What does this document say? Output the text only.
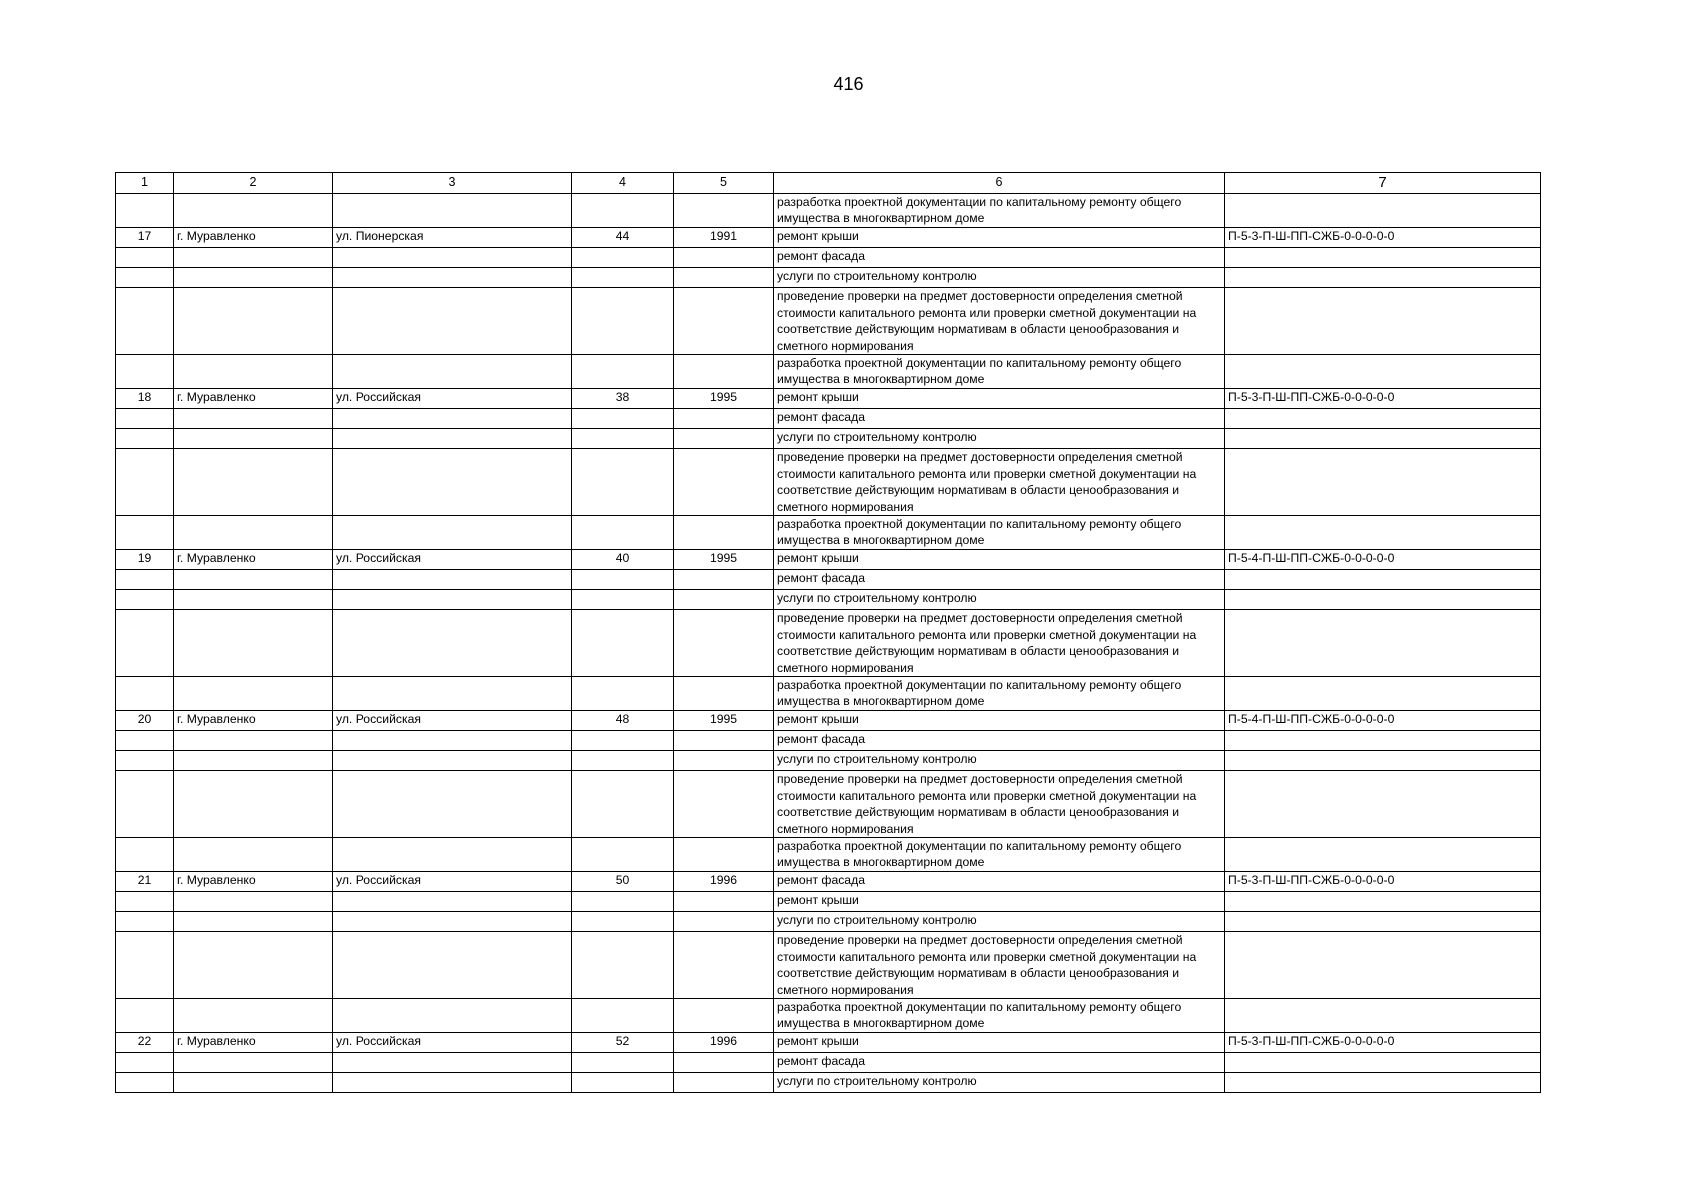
416
1	2	3	4	5	6	7
					разработка проектной документации по капитальному ремонту общего имущества в многоквартирном доме	
17	г. Муравленко	ул. Пионерская	44	1991	ремонт крыши	П-5-3-П-Ш-ПП-СЖБ-0-0-0-0-0
					ремонт фасада	
					услуги по строительному контролю	
					проведение проверки на предмет достоверности определения сметной стоимости капитального ремонта или проверки сметной документации на соответствие действующим нормативам в области ценообразования и сметного нормирования	
					разработка проектной документации по капитальному ремонту общего имущества в многоквартирном доме	
18	г. Муравленко	ул. Российская	38	1995	ремонт крыши	П-5-3-П-Ш-ПП-СЖБ-0-0-0-0-0
					ремонт фасада	
					услуги по строительному контролю	
					проведение проверки на предмет достоверности определения сметной стоимости капитального ремонта или проверки сметной документации на соответствие действующим нормативам в области ценообразования и сметного нормирования	
					разработка проектной документации по капитальному ремонту общего имущества в многоквартирном доме	
19	г. Муравленко	ул. Российская	40	1995	ремонт крыши	П-5-4-П-Ш-ПП-СЖБ-0-0-0-0-0
					ремонт фасада	
					услуги по строительному контролю	
					проведение проверки на предмет достоверности определения сметной стоимости капитального ремонта или проверки сметной документации на соответствие действующим нормативам в области ценообразования и сметного нормирования	
					разработка проектной документации по капитальному ремонту общего имущества в многоквартирном доме	
20	г. Муравленко	ул. Российская	48	1995	ремонт крыши	П-5-4-П-Ш-ПП-СЖБ-0-0-0-0-0
					ремонт фасада	
					услуги по строительному контролю	
					проведение проверки на предмет достоверности определения сметной стоимости капитального ремонта или проверки сметной документации на соответствие действующим нормативам в области ценообразования и сметного нормирования	
					разработка проектной документации по капитальному ремонту общего имущества в многоквартирном доме	
21	г. Муравленко	ул. Российская	50	1996	ремонт фасада	П-5-3-П-Ш-ПП-СЖБ-0-0-0-0-0
					ремонт крыши	
					услуги по строительному контролю	
					проведение проверки на предмет достоверности определения сметной стоимости капитального ремонта или проверки сметной документации на соответствие действующим нормативам в области ценообразования и сметного нормирования	
					разработка проектной документации по капитальному ремонту общего имущества в многоквартирном доме	
22	г. Муравленко	ул. Российская	52	1996	ремонт крыши	П-5-3-П-Ш-ПП-СЖБ-0-0-0-0-0
					ремонт фасада	
					услуги по строительному контролю	
